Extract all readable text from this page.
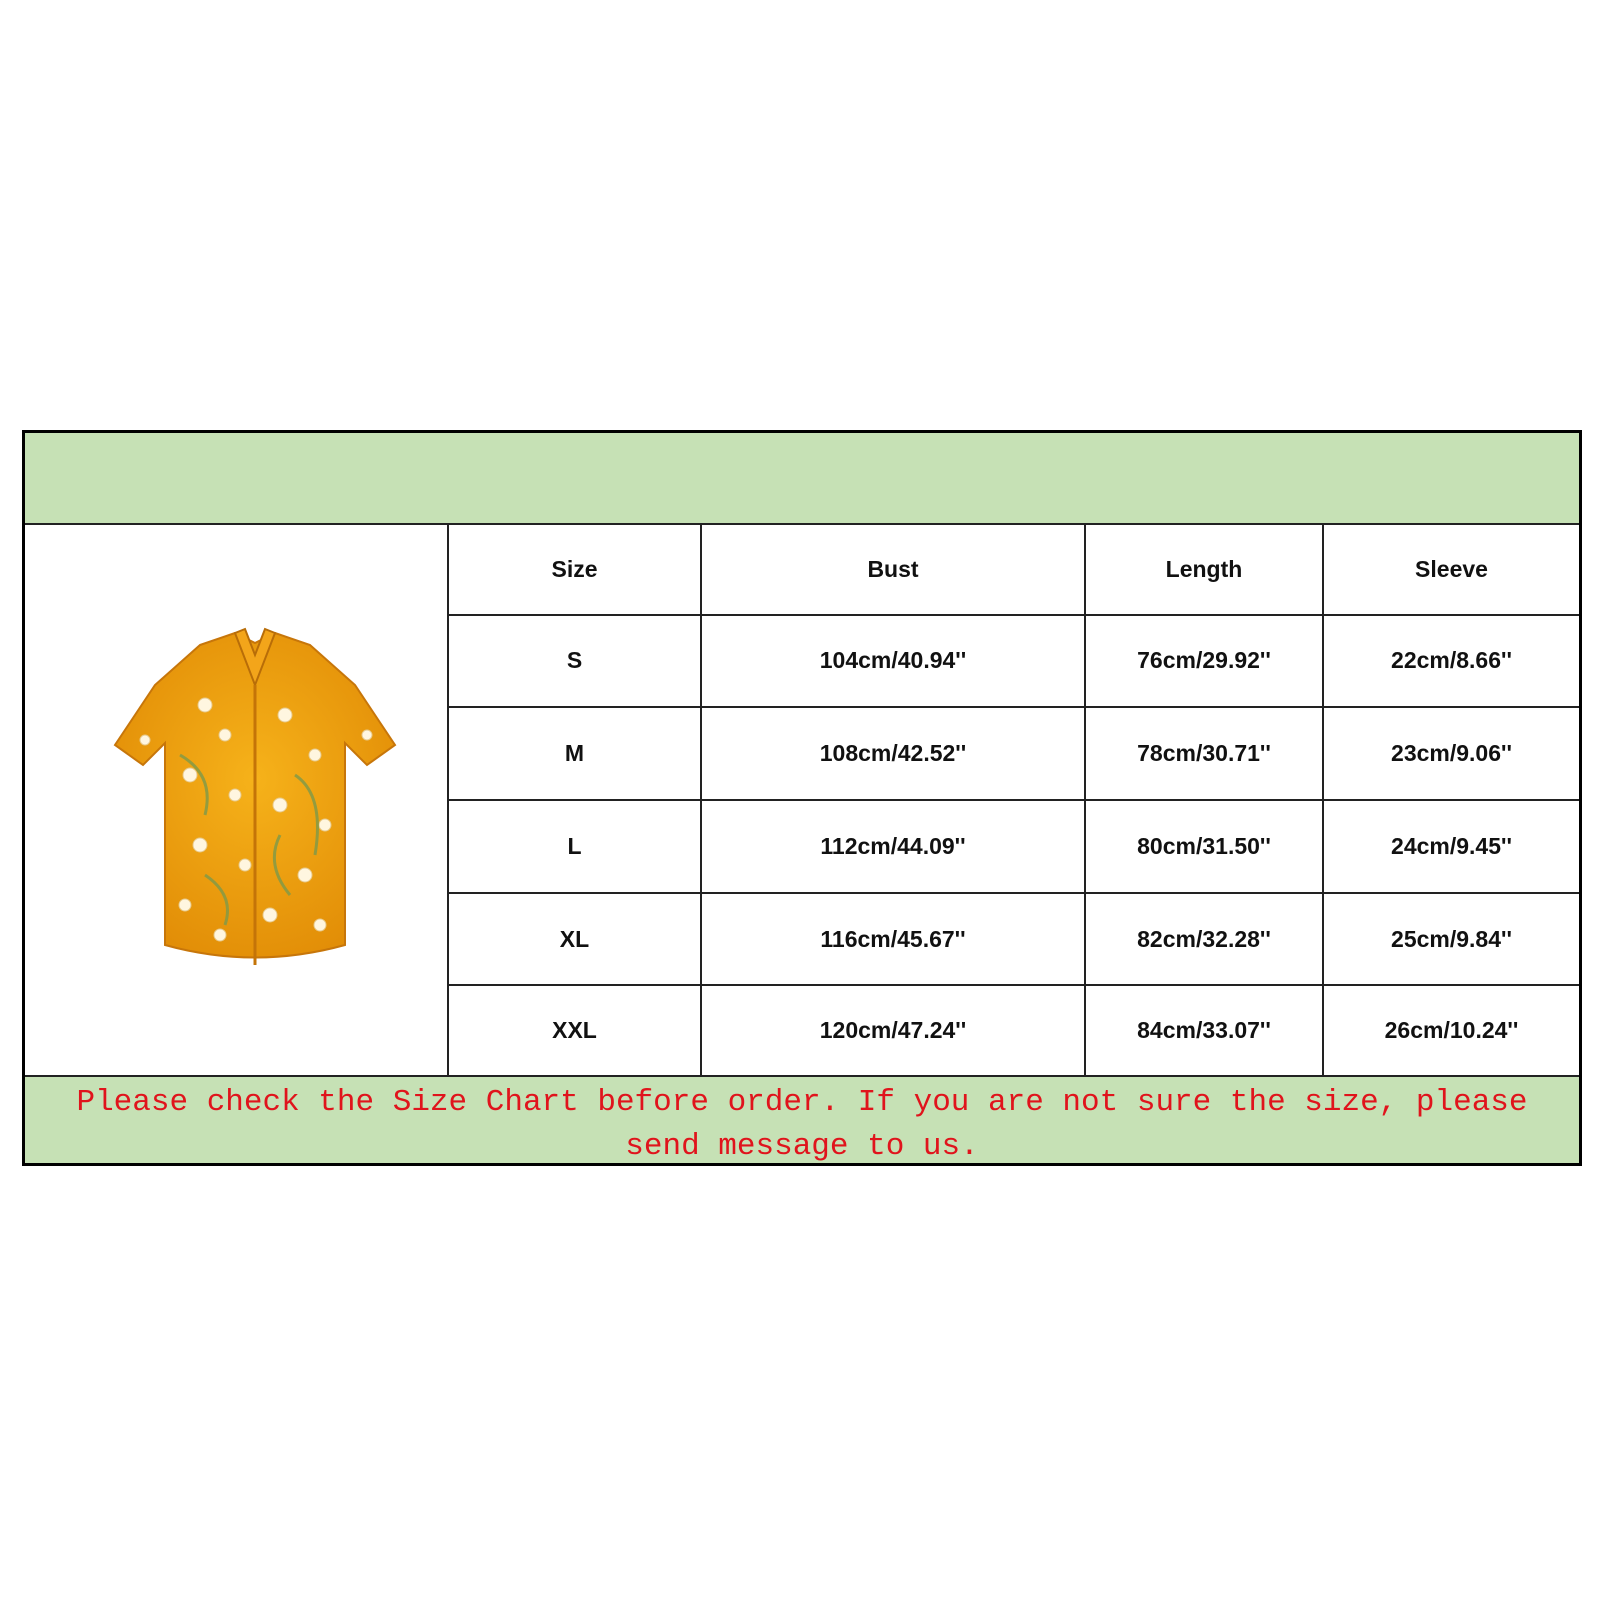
Size	Bust	Length	Sleeve
S	104cm/40.94''	76cm/29.92''	22cm/8.66''
M	108cm/42.52''	78cm/30.71''	23cm/9.06''
L	112cm/44.09''	80cm/31.50''	24cm/9.45''
XL	116cm/45.67''	82cm/32.28''	25cm/9.84''
XXL	120cm/47.24''	84cm/33.07''	26cm/10.24''
Please check the Size Chart before order. If you are not sure the size, please send message to us.
